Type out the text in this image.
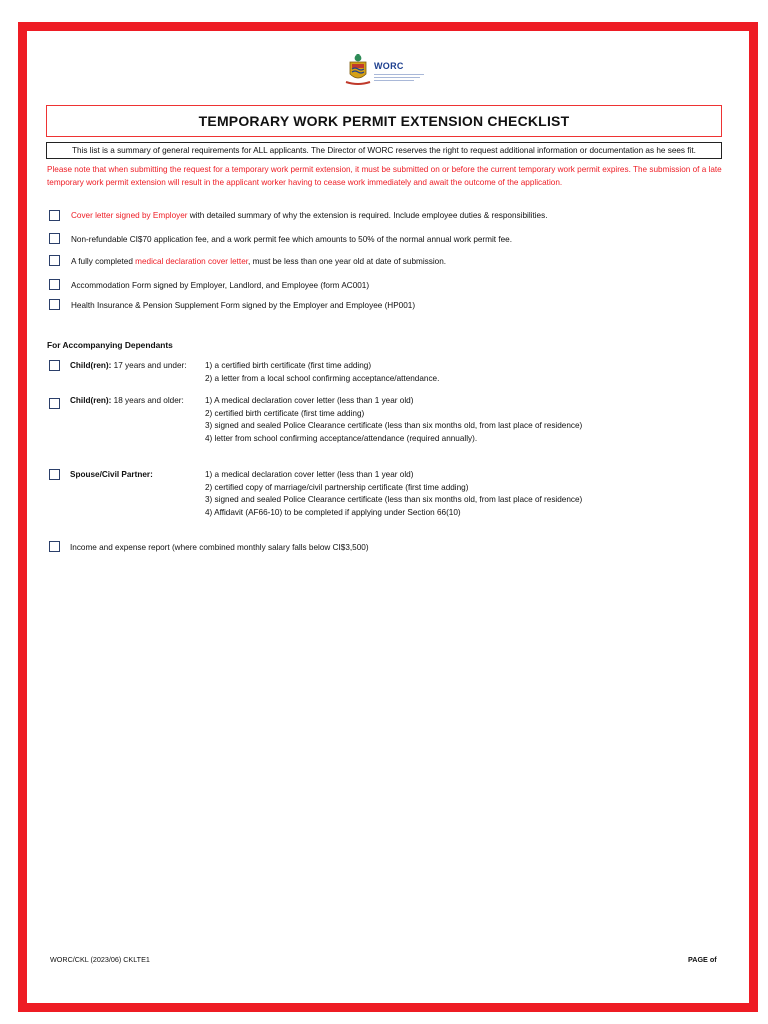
WORC
TEMPORARY WORK PERMIT EXTENSION CHECKLIST
This list is a summary of general requirements for ALL applicants. The Director of WORC reserves the right to request additional information or documentation as he sees fit.
Please note that when submitting the request for a temporary work permit extension, it must be submitted on or before the current temporary work permit expires. The submission of a late temporary work permit extension will result in the applicant worker having to cease work immediately and await the outcome of the application.
Cover letter signed by Employer with detailed summary of why the extension is required. Include employee duties & responsibilities.
Non-refundable CI$70 application fee, and a work permit fee which amounts to 50% of the normal annual work permit fee.
A fully completed medical declaration cover letter, must be less than one year old at date of submission.
Accommodation Form signed by Employer, Landlord, and Employee (form AC001)
Health Insurance & Pension Supplement Form signed by the Employer and Employee (HP001)
For Accompanying Dependants
Child(ren): 17 years and under: 1) a certified birth certificate (first time adding)
2) a letter from a local school confirming acceptance/attendance.
Child(ren): 18 years and older:	1) A medical declaration cover letter (less than 1 year old)
2) certified birth certificate (first time adding)
3) signed and sealed Police Clearance certificate (less than six months old, from last place of residence)
4) letter from school confirming acceptance/attendance (required annually).
Spouse/Civil Partner:	1) a medical declaration cover letter (less than 1 year old)
2) certified copy of marriage/civil partnership certificate (first time adding)
3) signed and sealed Police Clearance certificate (less than six months old, from last place of residence)
4) Affidavit (AF66-10) to be completed if applying under Section 66(10)
Income and expense report (where combined monthly salary falls below CI$3,500)
WORC/CKL (2023/06) CKLTE1	PAGE of
